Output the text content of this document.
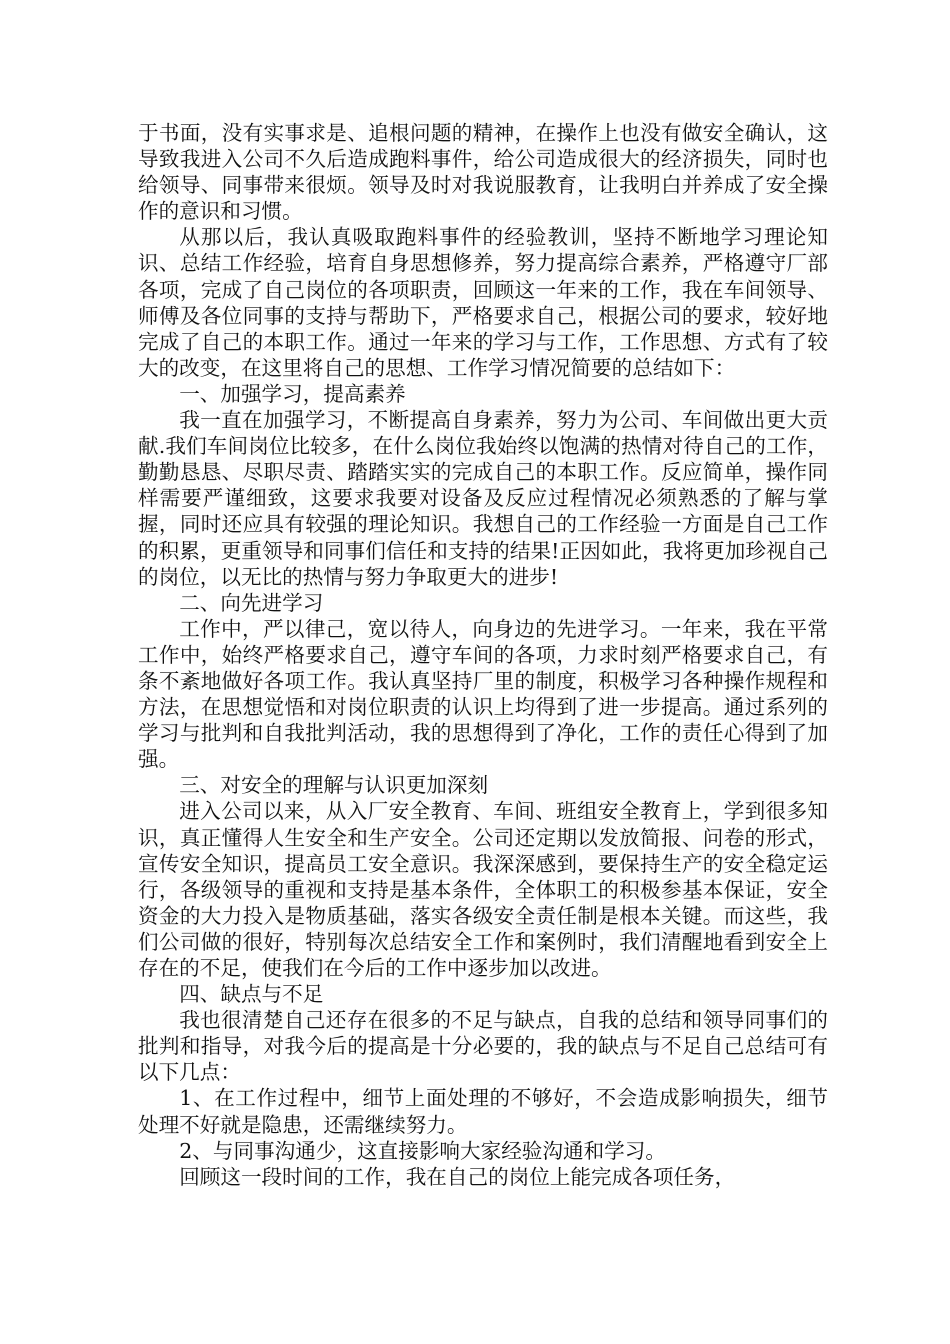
于书面，没有实事求是、追根问题的精神，在操作上也没有做安全确认，这导致我进入公司不久后造成跑料事件，给公司造成很大的经济损失，同时也给领导、同事带来很烦。领导及时对我说服教育，让我明白并养成了安全操作的意识和习惯。

从那以后，我认真吸取跑料事件的经验教训，坚持不断地学习理论知识、总结工作经验，培育自身思想修养，努力提高综合素养，严格遵守厂部各项，完成了自己岗位的各项职责，回顾这一年来的工作，我在车间领导、师傅及各位同事的支持与帮助下，严格要求自己，根据公司的要求，较好地完成了自己的本职工作。通过一年来的学习与工作，工作思想、方式有了较大的改变，在这里将自己的思想、工作学习情况简要的总结如下：

一、加强学习，提高素养

我一直在加强学习，不断提高自身素养，努力为公司、车间做出更大贡献.我们车间岗位比较多，在什么岗位我始终以饱满的热情对待自己的工作，勤勤恳恳、尽职尽责、踏踏实实的完成自己的本职工作。反应简单，操作同样需要严谨细致，这要求我要对设备及反应过程情况必须熟悉的了解与掌握，同时还应具有较强的理论知识。我想自己的工作经验一方面是自己工作的积累，更重领导和同事们信任和支持的结果!正因如此，我将更加珍视自己的岗位，以无比的热情与努力争取更大的进步!

二、向先进学习

工作中，严以律己，宽以待人，向身边的先进学习。一年来，我在平常工作中，始终严格要求自己，遵守车间的各项，力求时刻严格要求自己，有条不紊地做好各项工作。我认真坚持厂里的制度，积极学习各种操作规程和方法，在思想觉悟和对岗位职责的认识上均得到了进一步提高。通过系列的学习与批判和自我批判活动，我的思想得到了净化，工作的责任心得到了加强。

三、对安全的理解与认识更加深刻

进入公司以来，从入厂安全教育、车间、班组安全教育上，学到很多知识，真正懂得人生安全和生产安全。公司还定期以发放简报、问卷的形式，宣传安全知识，提高员工安全意识。我深深感到，要保持生产的安全稳定运行，各级领导的重视和支持是基本条件，全体职工的积极参基本保证，安全资金的大力投入是物质基础，落实各级安全责任制是根本关键。而这些，我们公司做的很好，特别每次总结安全工作和案例时，我们清醒地看到安全上存在的不足，使我们在今后的工作中逐步加以改进。

四、缺点与不足

我也很清楚自己还存在很多的不足与缺点，自我的总结和领导同事们的批判和指导，对我今后的提高是十分必要的，我的缺点与不足自己总结可有以下几点：

1、在工作过程中，细节上面处理的不够好，不会造成影响损失，细节处理不好就是隐患，还需继续努力。

2、与同事沟通少，这直接影响大家经验沟通和学习。

回顾这一段时间的工作，我在自己的岗位上能完成各项任务，
